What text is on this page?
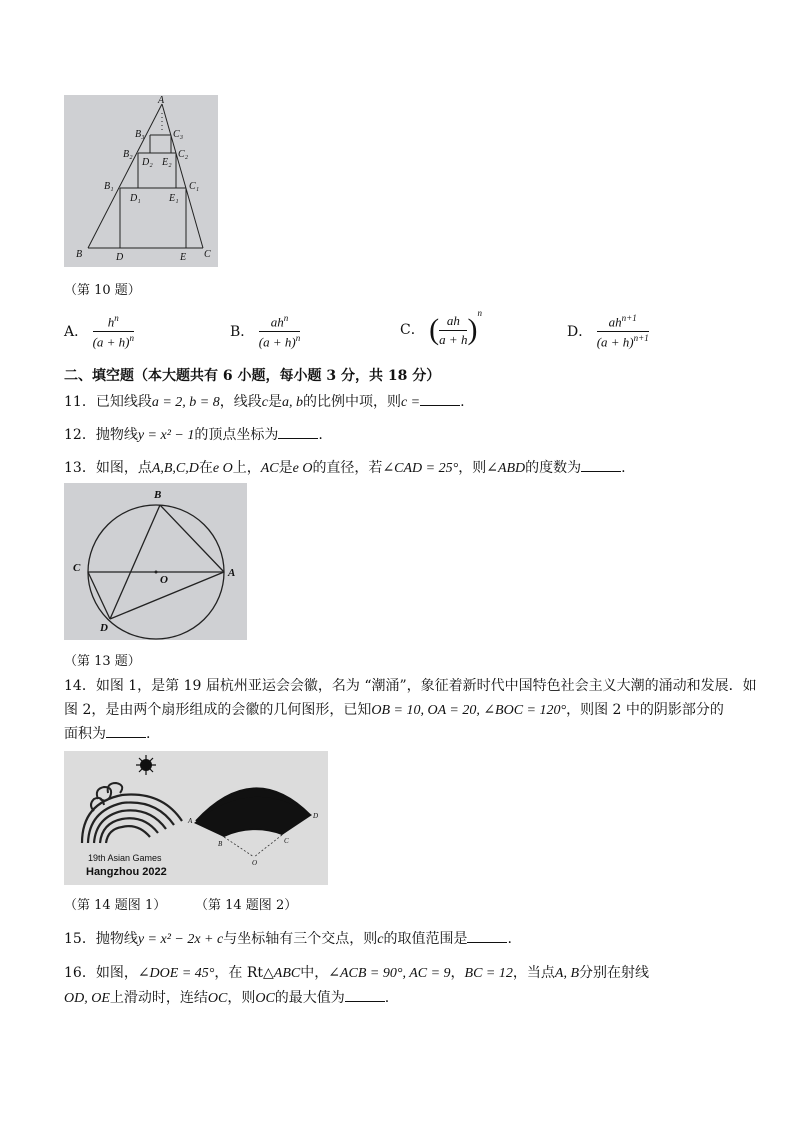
A
B₃	C₃
B₂	C₂
D₂ E₂
B₁	C₁
D₁	E₁
B	D	E C
（第 10 题）
A． $\frac{h^n}{(a + h)^n}$	B． $\frac{ah^n}{(a + h)^n}$	C． ( $\frac{ah}{a + h} )^n$
D． $\frac{ah^{n+1}}{(a + h)^{n+1}}$
二、填空题（本大题共有 6 小题，每小题 3 分，共 18 分）
11．已知线段a = 2, b = 8，线段c是a, b的比例中项，则c =	.
12．抛物线y = x² − 1的顶点坐标为	.
13．如图，点A,B,C,D在e O上，AC是e O的直径，若∠CAD = 25°，则∠ABD的度数为	.
B
C
O
A
D
（第 13 题）
14．如图 1，是第 19 届杭州亚运会会徽，名为 “潮涌”，象征着新时代中国特色社会主义大潮的涌动和发展．如
图 2，是由两个扇形组成的会徽的几何图形，已知OB = 10, OA = 20, ∠BOC = 120°，则图 2 中的阴影部分的
面积为	.
19th Asian Games
Hangzhou 2022
A
B	C
D
O
（第 14 题图 1） （第 14 题图 2）
15．抛物线y = x² − 2x + c与坐标轴有三个交点，则c的取值范围是	.
16．如图，∠DOE = 45°，在 Rt△ABC中，∠ACB = 90°, AC = 9，BC = 12，当点A, B分别在射线
OD, OE上滑动时，连结OC，则OC的最大值为	.
